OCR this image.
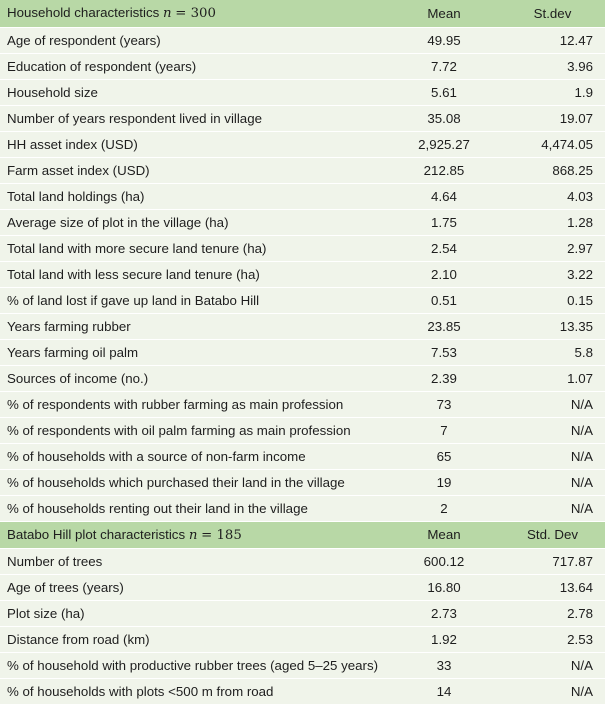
Household characteristics n = 300	Mean	St.dev
Age of respondent (years)	49.95	12.47
Education of respondent (years)	7.72	3.96
Household size	5.61	1.9
Number of years respondent lived in village	35.08	19.07
HH asset index (USD)	2,925.27	4,474.05
Farm asset index (USD)	212.85	868.25
Total land holdings (ha)	4.64	4.03
Average size of plot in the village (ha)	1.75	1.28
Total land with more secure land tenure (ha)	2.54	2.97
Total land with less secure land tenure (ha)	2.10	3.22
% of land lost if gave up land in Batabo Hill	0.51	0.15
Years farming rubber	23.85	13.35
Years farming oil palm	7.53	5.8
Sources of income (no.)	2.39	1.07
% of respondents with rubber farming as main profession	73	N/A
% of respondents with oil palm farming as main profession	7	N/A
% of households with a source of non-farm income	65	N/A
% of households which purchased their land in the village	19	N/A
% of households renting out their land in the village	2	N/A
Batabo Hill plot characteristics n = 185	Mean	Std. Dev
Number of trees	600.12	717.87
Age of trees (years)	16.80	13.64
Plot size (ha)	2.73	2.78
Distance from road (km)	1.92	2.53
% of household with productive rubber trees (aged 5–25 years)	33	N/A
% of households with plots <500 m from road	14	N/A
